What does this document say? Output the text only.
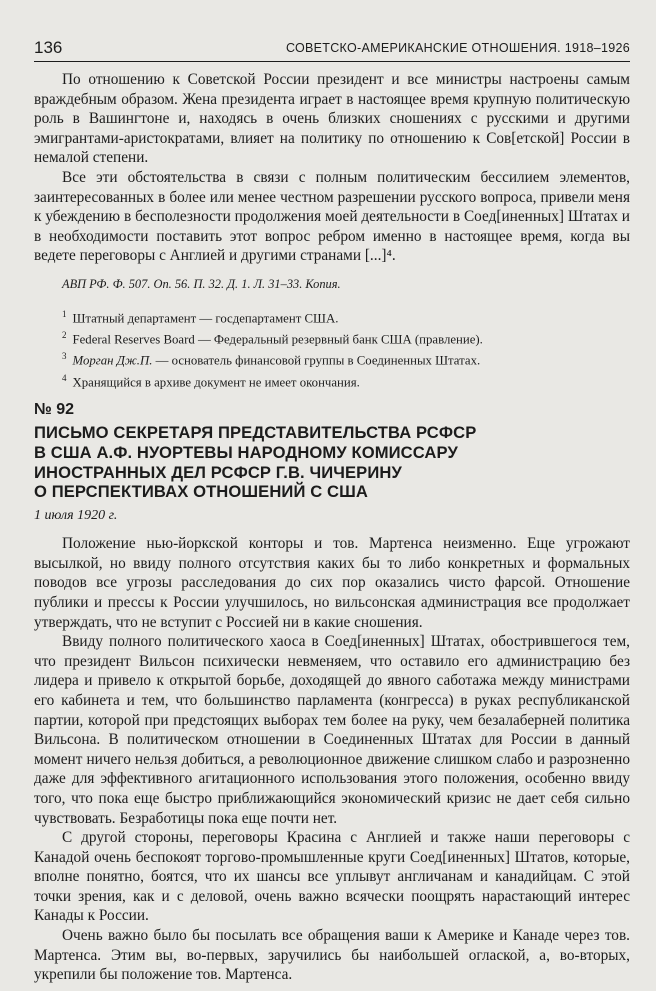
136	СОВЕТСКО-АМЕРИКАНСКИЕ ОТНОШЕНИЯ. 1918–1926

По отношению к Советской России президент и все министры настроены самым враждебным образом. Жена президента играет в настоящее время крупную политическую роль в Вашингтоне и, находясь в очень близких сношениях с русскими и другими эмигрантами-аристократами, влияет на политику по отношению к Сов[етской] России в немалой степени.

Все эти обстоятельства в связи с полным политическим бессилием элементов, заинтересованных в более или менее честном разрешении русского вопроса, привели меня к убеждению в бесполезности продолжения моей деятельности в Соед[иненных] Штатах и в необходимости поставить этот вопрос ребром именно в настоящее время, когда вы ведете переговоры с Англией и другими странами [...]⁴.

АВП РФ. Ф. 507. Оп. 56. П. 32. Д. 1. Л. 31–33. Копия.
$^1$ Штатный департамент — госдепартамент США.
$^2$ Federal Reserves Board — Федеральный резервный банк США (правление).
$^3$ Морган Дж.П. — основатель финансовой группы в Соединенных Штатах.
$^4$ Хранящийся в архиве документ не имеет окончания.
№ 92
ПИСЬМО СЕКРЕТАРЯ ПРЕДСТАВИТЕЛЬСТВА РСФСР
В США А.Ф. НУОРТЕВЫ НАРОДНОМУ КОМИССАРУ
ИНОСТРАННЫХ ДЕЛ РСФСР Г.В. ЧИЧЕРИНУ
О ПЕРСПЕКТИВАХ ОТНОШЕНИЙ С США
1 июля 1920 г.

Положение нью-йоркской конторы и тов. Мартенса неизменно. Еще угрожают высылкой, но ввиду полного отсутствия каких бы то либо конкретных и формальных поводов все угрозы расследования до сих пор оказались чисто фарсой. Отношение публики и прессы к России улучшилось, но вильсонская администрация все продолжает утверждать, что не вступит с Россией ни в какие сношения.

Ввиду полного политического хаоса в Соед[иненных] Штатах, обострившегося тем, что президент Вильсон психически невменяем, что оставило его администрацию без лидера и привело к открытой борьбе, доходящей до явного саботажа между министрами его кабинета и тем, что большинство парламента (конгресса) в руках республиканской партии, которой при предстоящих выборах тем более на руку, чем безалаберней политика Вильсона. В политическом отношении в Соединенных Штатах для России в данный момент ничего нельзя добиться, а революционное движение слишком слабо и разрозненно даже для эффективного агитационного использования этого положения, особенно ввиду того, что пока еще быстро приближающийся экономический кризис не дает себя сильно чувствовать. Безработицы пока еще почти нет.

С другой стороны, переговоры Красина с Англией и также наши переговоры с Канадой очень беспокоят торгово-промышленные круги Соед[иненных] Штатов, которые, вполне понятно, боятся, что их шансы все уплывут англичанам и канадийцам. С этой точки зрения, как и с деловой, очень важно всячески поощрять нарастающий интерес Канады к России.

Очень важно было бы посылать все обращения ваши к Америке и Канаде через тов. Мартенса. Этим вы, во-первых, заручились бы наибольшей оглаской, а, во-вторых, укрепили бы положение тов. Мартенса.
